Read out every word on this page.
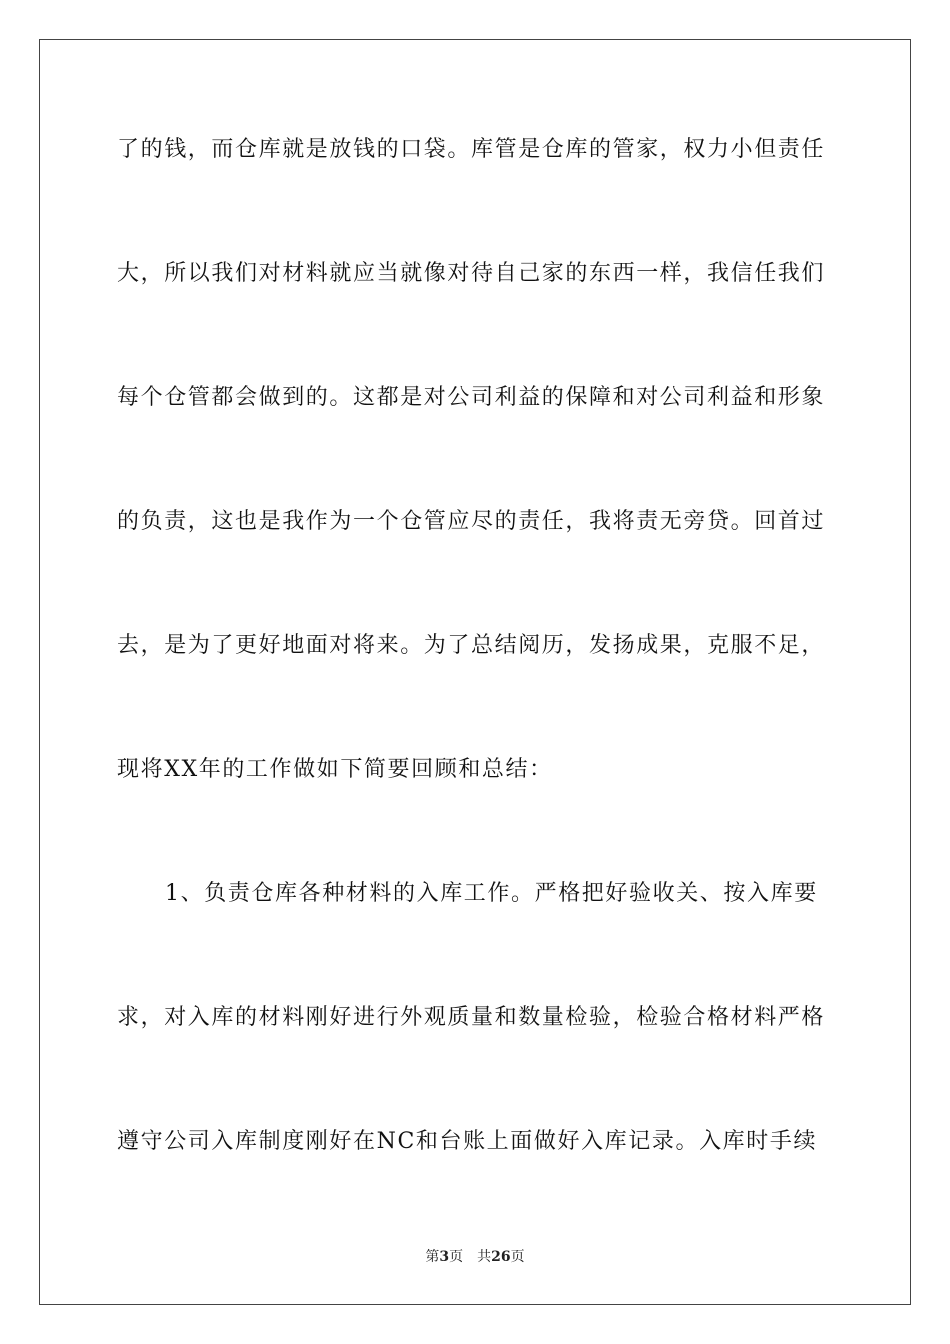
了的钱，而仓库就是放钱的口袋。库管是仓库的管家，权力小但责任
大，所以我们对材料就应当就像对待自己家的东西一样，我信任我们
每个仓管都会做到的。这都是对公司利益的保障和对公司利益和形象
的负责，这也是我作为一个仓管应尽的责任，我将责无旁贷。回首过
去，是为了更好地面对将来。为了总结阅历，发扬成果，克服不足，
现将XX年的工作做如下简要回顾和总结：
1、负责仓库各种材料的入库工作。严格把好验收关、按入库要
求，对入库的材料刚好进行外观质量和数量检验，检验合格材料严格
遵守公司入库制度刚好在NC和台账上面做好入库记录。入库时手续
第3页 共26页
